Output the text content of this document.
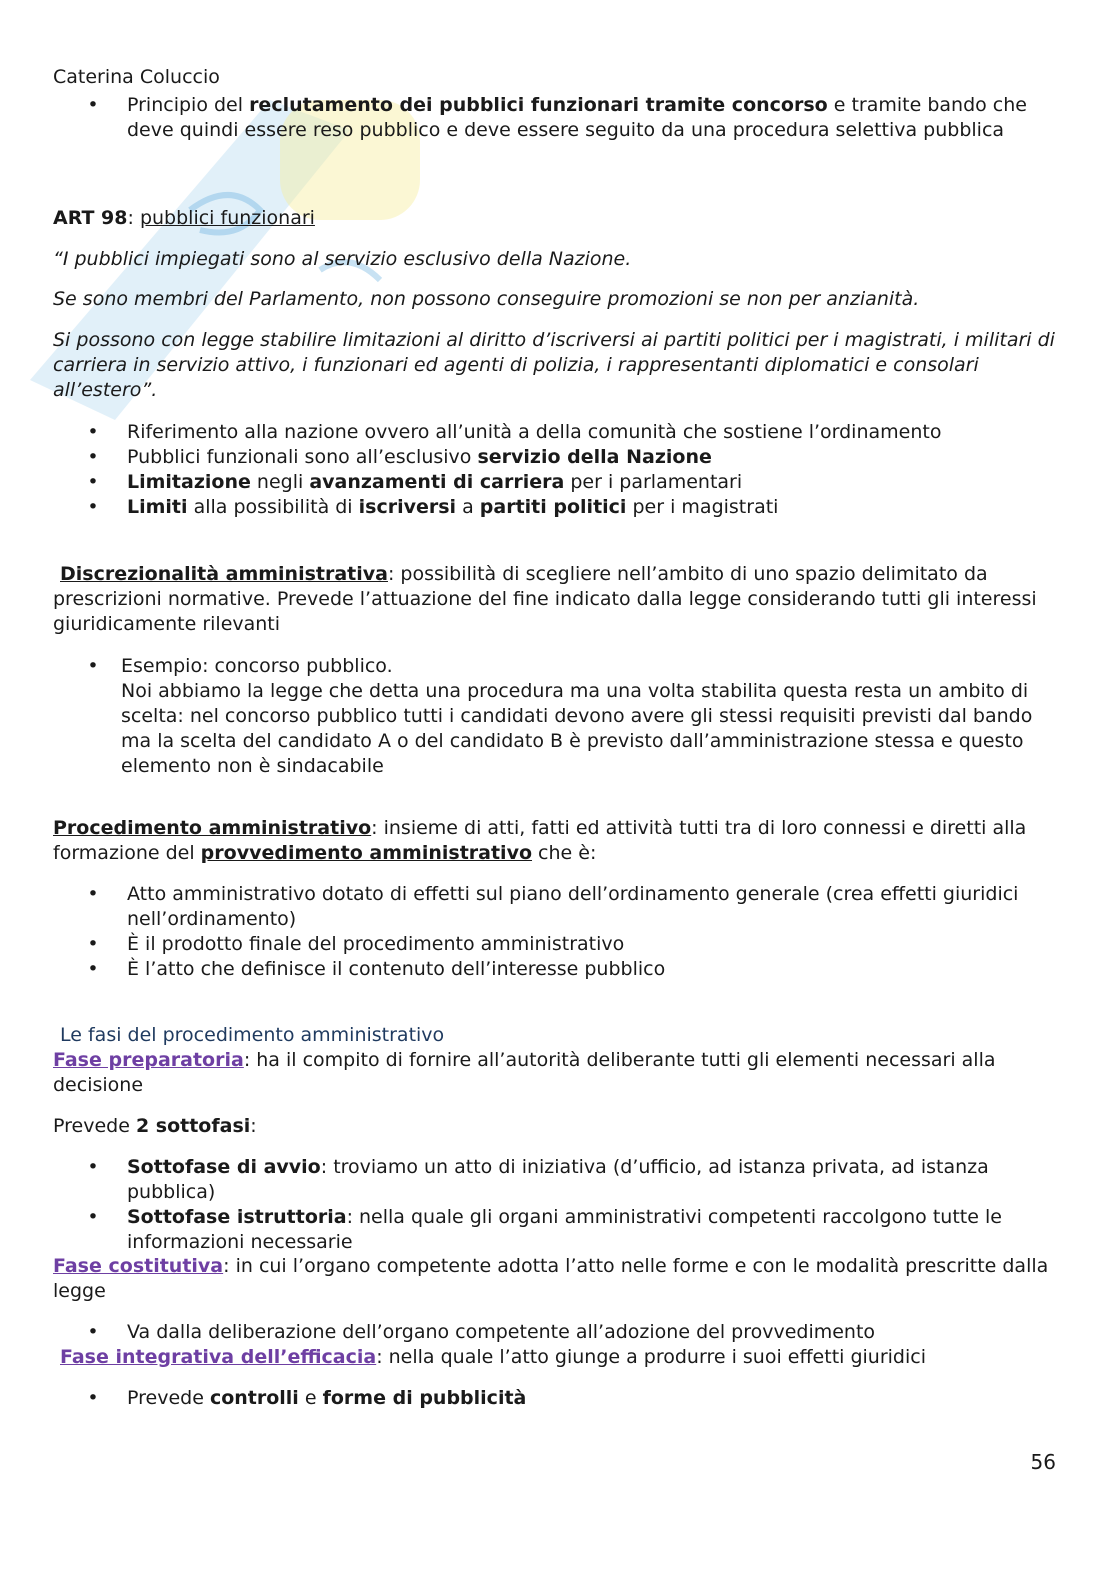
Caterina Coluccio

•
Principio del reclutamento dei pubblici funzionari tramite concorso e tramite bando che deve quindi essere reso pubblico e deve essere seguito da una procedura selettiva pubblica

ART 98: pubblici funzionari

“I pubblici impiegati sono al servizio esclusivo della Nazione.

Se sono membri del Parlamento, non possono conseguire promozioni se non per anzianità.

Si possono con legge stabilire limitazioni al diritto d’iscriversi ai partiti politici per i magistrati, i militari di carriera in servizio attivo, i funzionari ed agenti di polizia, i rappresentanti diplomatici e consolari all’estero”.

•
Riferimento alla nazione ovvero all’unità a della comunità che sostiene l’ordinamento
•
Pubblici funzionali sono all’esclusivo servizio della Nazione
•
Limitazione negli avanzamenti di carriera per i parlamentari
•
Limiti alla possibilità di iscriversi a partiti politici per i magistrati

Discrezionalità amministrativa: possibilità di scegliere nell’ambito di uno spazio delimitato da prescrizioni normative. Prevede l’attuazione del fine indicato dalla legge considerando tutti gli interessi giuridicamente rilevanti

•
Esempio: concorso pubblico.
Noi abbiamo la legge che detta una procedura ma una volta stabilita questa resta un ambito di scelta: nel concorso pubblico tutti i candidati devono avere gli stessi requisiti previsti dal bando ma la scelta del candidato A o del candidato B è previsto dall’amministrazione stessa e questo elemento non è sindacabile

Procedimento amministrativo: insieme di atti, fatti ed attività tutti tra di loro connessi e diretti alla formazione del provvedimento amministrativo che è:

•
Atto amministrativo dotato di effetti sul piano dell’ordinamento generale (crea effetti giuridici nell’ordinamento)
•
È il prodotto finale del procedimento amministrativo
•
È l’atto che definisce il contenuto dell’interesse pubblico

Le fasi del procedimento amministrativo

Fase preparatoria: ha il compito di fornire all’autorità deliberante tutti gli elementi necessari alla decisione

Prevede 2 sottofasi:

•
Sottofase di avvio: troviamo un atto di iniziativa (d’ufficio, ad istanza privata, ad istanza pubblica)
•
Sottofase istruttoria: nella quale gli organi amministrativi competenti raccolgono tutte le informazioni necessarie

Fase costitutiva: in cui l’organo competente adotta l’atto nelle forme e con le modalità prescritte dalla legge

•
Va dalla deliberazione dell’organo competente all’adozione del provvedimento

Fase integrativa dell’efficacia: nella quale l’atto giunge a produrre i suoi effetti giuridici

•
Prevede controlli e forme di pubblicità

56
